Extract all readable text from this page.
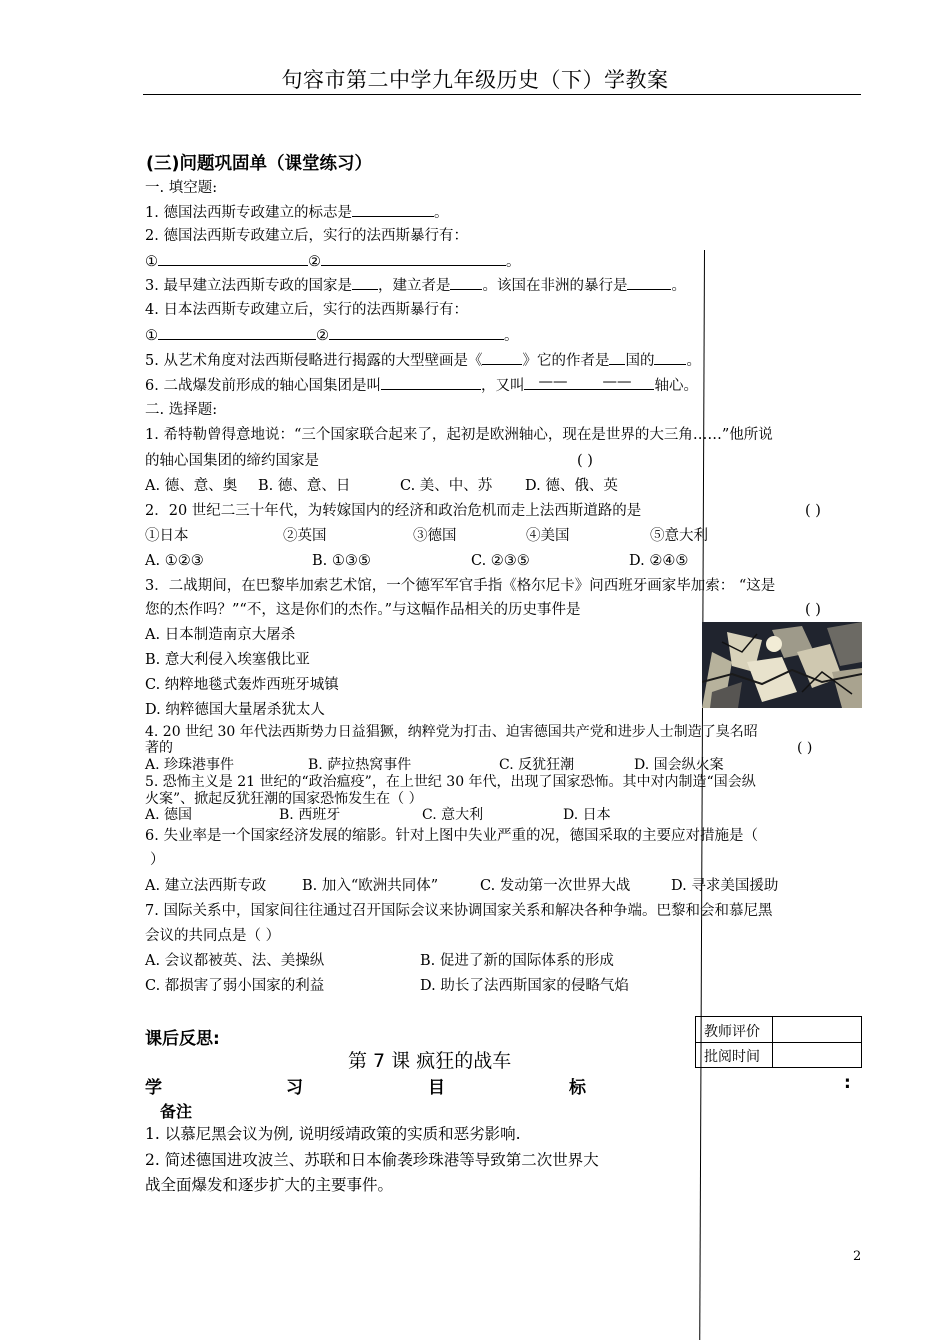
句容市第二中学九年级历史（下）学教案
(三)问题巩固单（课堂练习）
一. 填空题:
1. 德国法西斯专政建立的标志是	。
2. 德国法西斯专政建立后，实行的法西斯暴行有：
①	②	。
3. 最早建立法西斯专政的国家是 ，建立者是 。该国在非洲的暴行是	。
4. 日本法西斯专政建立后，实行的法西斯暴行有：
①	②	。
5. 从艺术角度对法西斯侵略进行揭露的大型壁画是《	》它的作者是 国的 。
6. 二战爆发前形成的轴心国集团是叫	，又叫 —— —— 轴心。
二. 选择题:
1. 希特勒曾得意地说：“三个国家联合起来了，起初是欧洲轴心，现在是世界的大三角……”他所说
的轴心国集团的缔约国家是	( )
A. 德、意、奥 B. 德、意、日	C. 美、中、苏 D. 德、俄、英
2．20 世纪二三十年代，为转嫁国内的经济和政治危机而走上法西斯道路的是	( )
①日本	②英国	③德国	④美国	⑤意大利
A. ①②③	B. ①③⑤	C. ②③⑤	D. ②④⑤
3．二战期间，在巴黎毕加索艺术馆，一个德军军官手指《格尔尼卡》问西班牙画家毕加索： “这是
您的杰作吗？”“不，这是你们的杰作。”与这幅作品相关的历史事件是	( )
A. 日本制造南京大屠杀
B. 意大利侵入埃塞俄比亚
C. 纳粹地毯式轰炸西班牙城镇
D. 纳粹德国大量屠杀犹太人
4. 20 世纪 30 年代法西斯势力日益猖獗，纳粹党为打击、迫害德国共产党和进步人士制造了臭名昭
著的	( )
A. 珍珠港事件	B. 萨拉热窝事件	C. 反犹狂潮	D. 国会纵火案
5. 恐怖主义是 21 世纪的“政治瘟疫”，在上世纪 30 年代，出现了国家恐怖。其中对内制造“国会纵
火案”、掀起反犹狂潮的国家恐怖发生在（ ）
A. 德国	B. 西班牙	C. 意大利	D. 日本
6. 失业率是一个国家经济发展的缩影。针对上图中失业严重的况，德国采取的主要应对措施是（
）
A. 建立法西斯专政 B. 加入“欧洲共同体”	C. 发动第一次世界大战	D. 寻求美国援助
7. 国际关系中，国家间往往通过召开国际会议来协调国家关系和解决各种争端。巴黎和会和慕尼黑
会议的共同点是（ ）
A. 会议都被英、法、美操纵	B. 促进了新的国际体系的形成
C. 都损害了弱小国家的利益	D. 助长了法西斯国家的侵略气焰
课后反思:	教师评价
批阅时间
第 7 课 疯狂的战车
学	习	目	标	:
备注
1. 以慕尼黑会议为例, 说明绥靖政策的实质和恶劣影响.
2. 简述德国进攻波兰、苏联和日本偷袭珍珠港等导致第二次世界大
战全面爆发和逐步扩大的主要事件。
2
